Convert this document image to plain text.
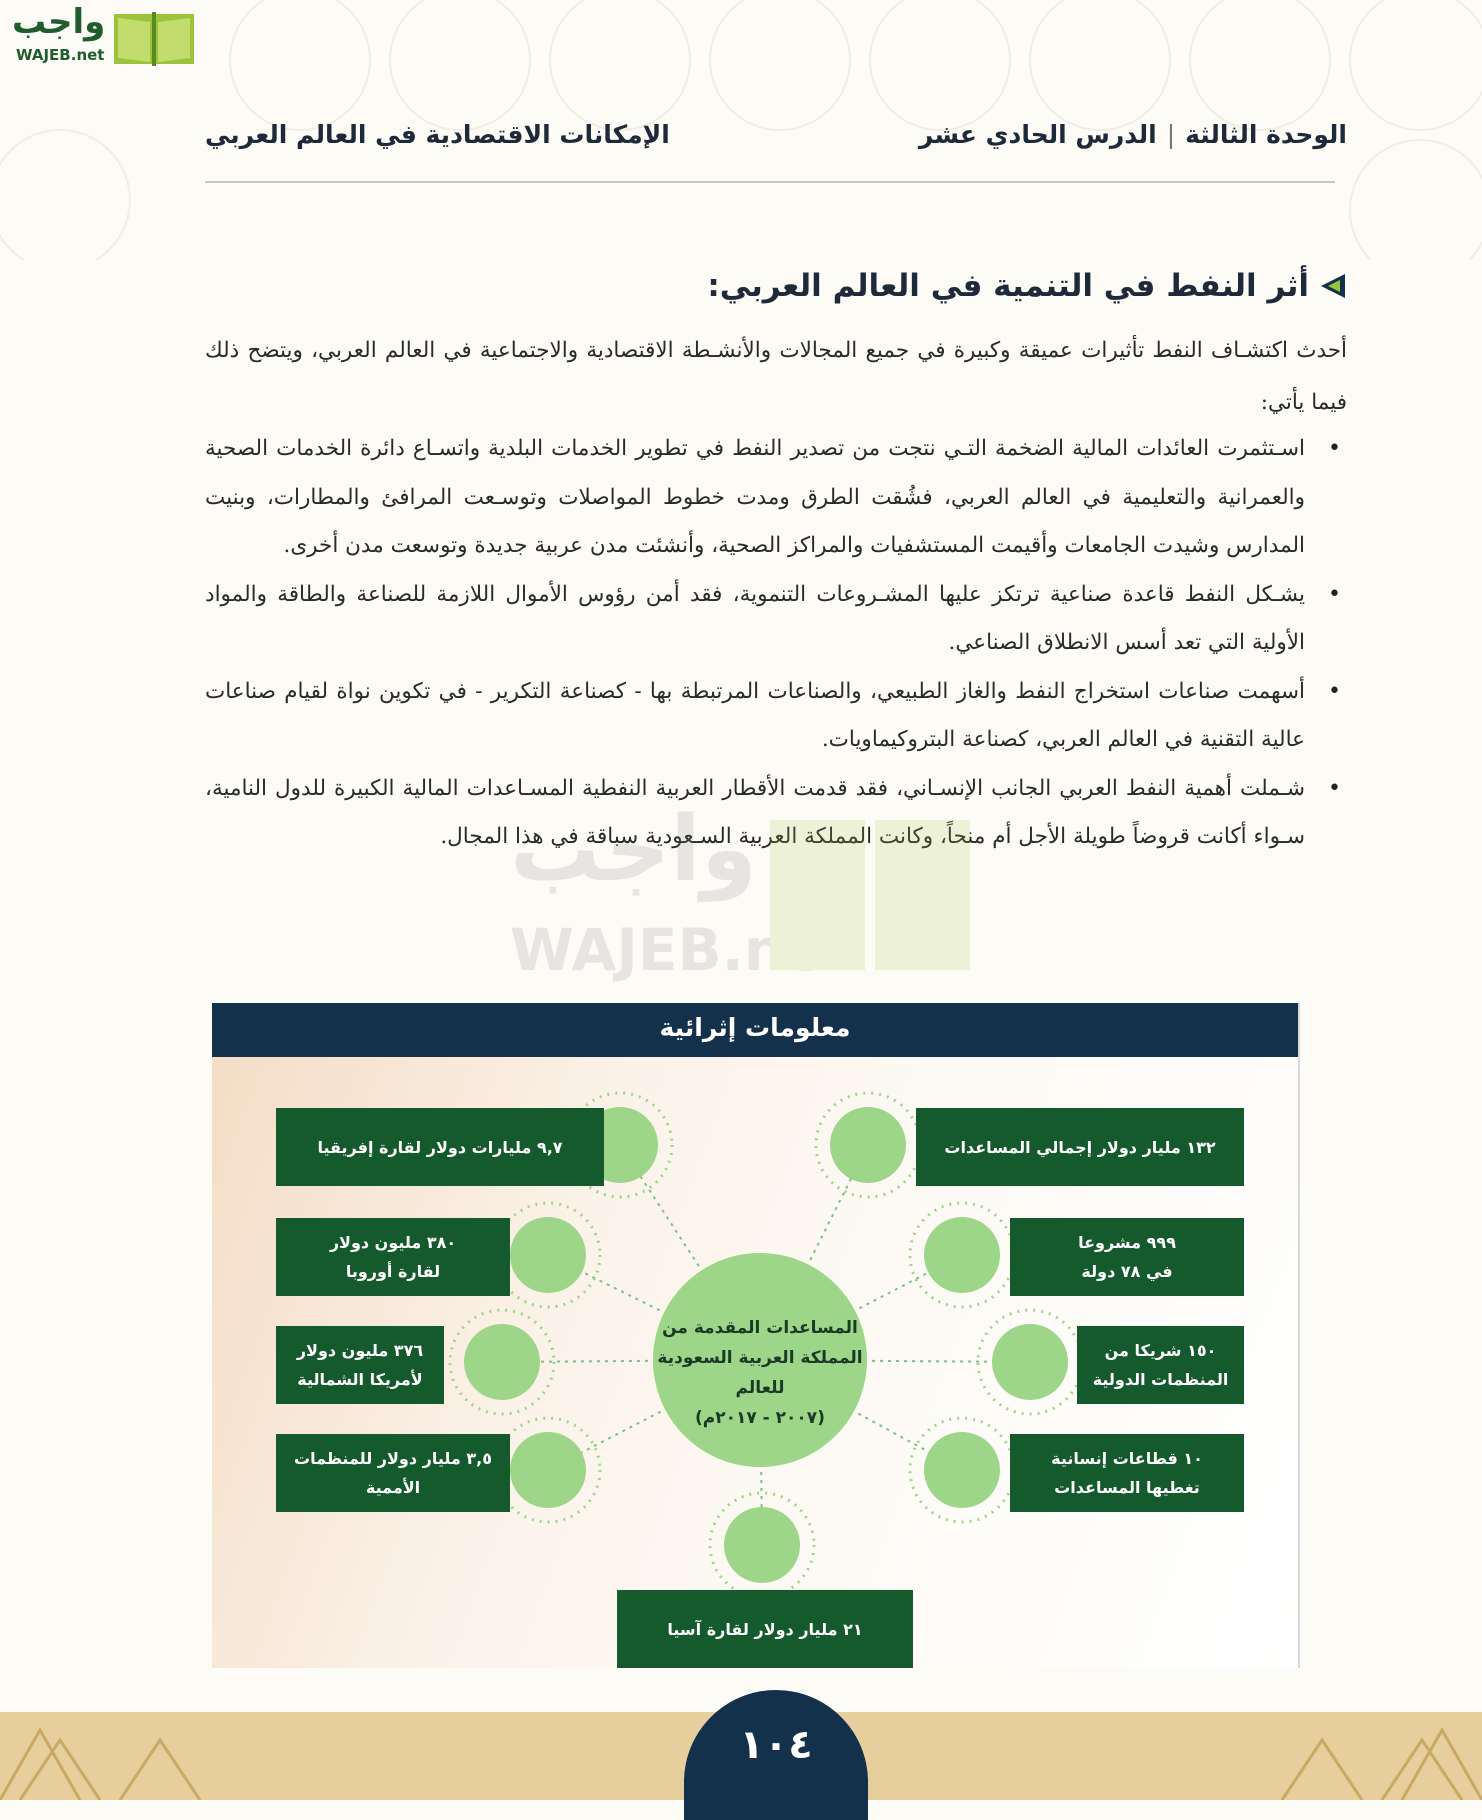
واجب
WAJEB.net
الوحدة الثالثة|الدرس الحادي عشر
الإمكانات الاقتصادية في العالم العربي
أثر النفط في التنمية في العالم العربي:
أحدث اكتشـاف النفط تأثيرات عميقة وكبيرة في جميع المجالات والأنشـطة الاقتصادية والاجتماعية في العالم العربي، ويتضح ذلك فيما يأتي:
• اسـتثمرت العائدات المالية الضخمة التـي نتجت من تصدير النفط في تطوير الخدمات البلدية واتسـاع دائرة الخدمات الصحية والعمرانية والتعليمية في العالم العربي، فشُقت الطرق ومدت خطوط المواصلات وتوسـعت المرافئ والمطارات، وبنيت المدارس وشيدت الجامعات وأقيمت المستشفيات والمراكز الصحية، وأنشئت مدن عربية جديدة وتوسعت مدن أخرى.
• يشـكل النفط قاعدة صناعية ترتكز عليها المشـروعات التنموية، فقد أمن رؤوس الأموال اللازمة للصناعة والطاقة والمواد الأولية التي تعد أسس الانطلاق الصناعي.
• أسهمت صناعات استخراج النفط والغاز الطبيعي، والصناعات المرتبطة بها - كصناعة التكرير - في تكوين نواة لقيام صناعات عالية التقنية في العالم العربي، كصناعة البتروكيماويات.
• شـملت أهمية النفط العربي الجانب الإنسـاني، فقد قدمت الأقطار العربية النفطية المسـاعدات المالية الكبيرة للدول النامية، سـواء أكانت قروضاً طويلة الأجل أم منحاً، وكانت المملكة العربية السـعودية سباقة في هذا المجال.
واجب
WAJEB.net
معلومات إثرائية
المساعدات المقدمة من
المملكة العربية السعودية
للعالم
(٢٠٠٧ - ٢٠١٧م)
١٣٢ مليار دولار إجمالي المساعدات
٩٩٩ مشروعا
في ٧٨ دولة
١٥٠ شريكا من
المنظمات الدولية
١٠ قطاعات إنسانية
تغطيها المساعدات
٩,٧ مليارات دولار لقارة إفريقيا
٣٨٠ مليون دولار
لقارة أوروبا
٣٧٦ مليون دولار
لأمريكا الشمالية
٣,٥ مليار دولار للمنظمات
الأممية
٢١ مليار دولار لقارة آسيا
١٠٤
